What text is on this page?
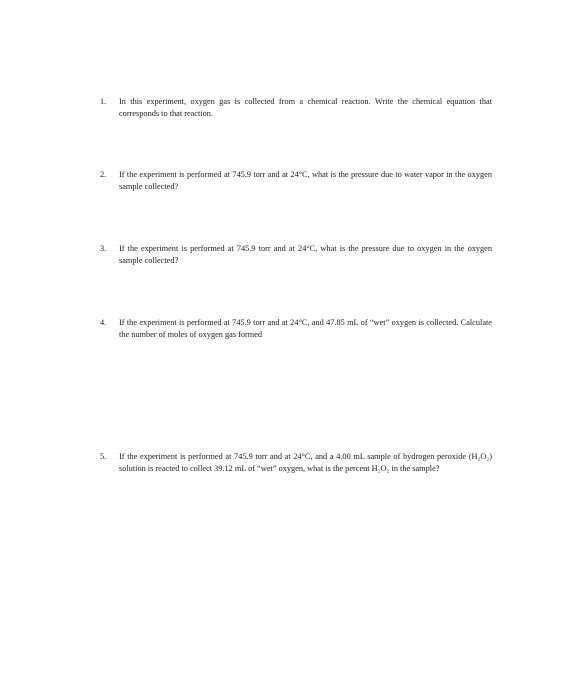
1.	In this experiment, oxygen gas is collected from a chemical reaction. Write the chemical equation that corresponds to that reaction.
2.	If the experiment is performed at 745.9 torr and at 24°C, what is the pressure due to water vapor in the oxygen sample collected?
3.	If the experiment is performed at 745.9 torr and at 24°C, what is the pressure due to oxygen in the oxygen sample collected?
4.	If the experiment is performed at 745.9 torr and at 24°C, and 47.85 mL of “wet” oxygen is collected. Calculate the number of moles of oxygen gas formed
5.	If the experiment is performed at 745.9 torr and at 24°C, and a 4.00 mL sample of hydrogen peroxide (H₂O₂) solution is reacted to collect 39.12 mL of “wet” oxygen, what is the percent H₂O₂ in the sample?
